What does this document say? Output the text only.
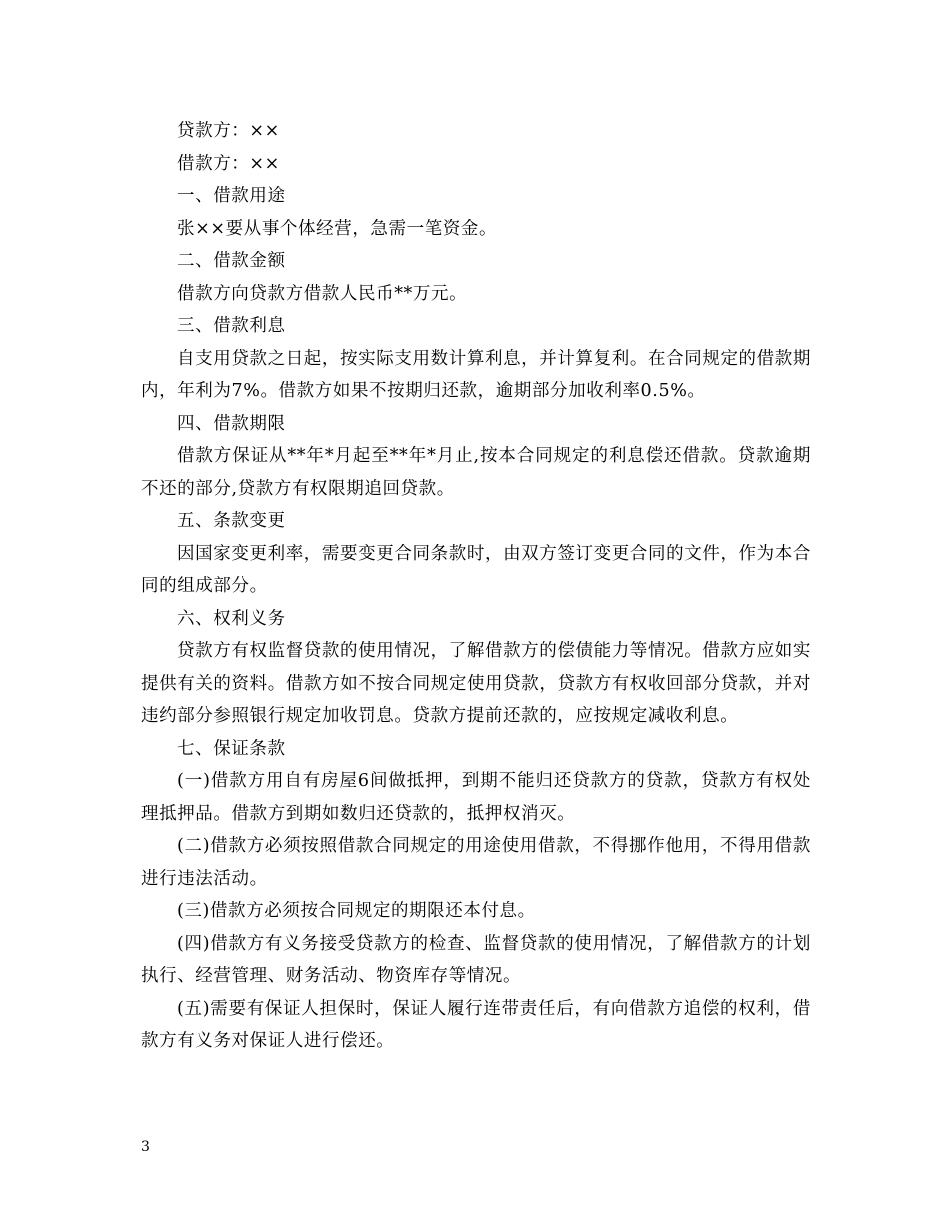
贷款方：××

借款方：××

一、借款用途

张××要从事个体经营，急需一笔资金。

二、借款金额

借款方向贷款方借款人民币**万元。

三、借款利息

自支用贷款之日起，按实际支用数计算利息，并计算复利。在合同规定的借款期内，年利为7%。借款方如果不按期归还款，逾期部分加收利率0.5%。

四、借款期限

借款方保证从**年*月起至**年*月止,按本合同规定的利息偿还借款。贷款逾期不还的部分,贷款方有权限期追回贷款。

五、条款变更

因国家变更利率，需要变更合同条款时，由双方签订变更合同的文件，作为本合同的组成部分。

六、权利义务

贷款方有权监督贷款的使用情况，了解借款方的偿债能力等情况。借款方应如实提供有关的资料。借款方如不按合同规定使用贷款，贷款方有权收回部分贷款，并对违约部分参照银行规定加收罚息。贷款方提前还款的，应按规定减收利息。

七、保证条款

(一)借款方用自有房屋6间做抵押，到期不能归还贷款方的贷款，贷款方有权处理抵押品。借款方到期如数归还贷款的，抵押权消灭。

(二)借款方必须按照借款合同规定的用途使用借款，不得挪作他用，不得用借款进行违法活动。

(三)借款方必须按合同规定的期限还本付息。

(四)借款方有义务接受贷款方的检查、监督贷款的使用情况，了解借款方的计划执行、经营管理、财务活动、物资库存等情况。

(五)需要有保证人担保时，保证人履行连带责任后，有向借款方追偿的权利，借款方有义务对保证人进行偿还。

3
